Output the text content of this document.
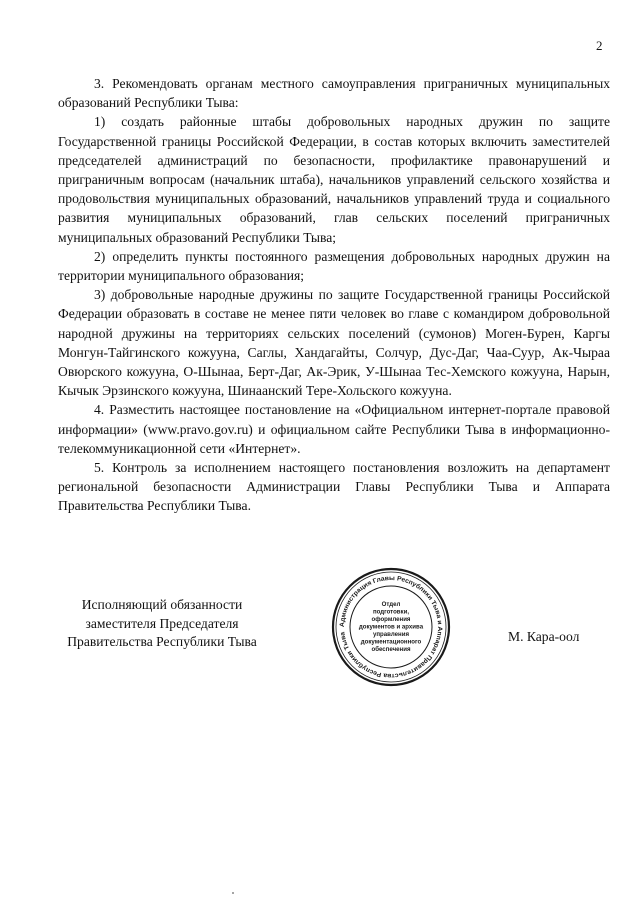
2

3. Рекомендовать органам местного самоуправления приграничных муниципальных образований Республики Тыва:

1) создать районные штабы добровольных народных дружин по защите Государственной границы Российской Федерации, в состав которых включить заместителей председателей администраций по безопасности, профилактике правонарушений и приграничным вопросам (начальник штаба), начальников управлений сельского хозяйства и продовольствия муниципальных образований, начальников управлений труда и социального развития муниципальных образований, глав сельских поселений приграничных муниципальных образований Республики Тыва;

2) определить пункты постоянного размещения добровольных народных дружин на территории муниципального образования;

3) добровольные народные дружины по защите Государственной границы Российской Федерации образовать в составе не менее пяти человек во главе с командиром добровольной народной дружины на территориях сельских поселений (сумонов) Моген-Бурен, Каргы Монгун-Тайгинского кожууна, Саглы, Хандагайты, Солчур, Дус-Даг, Чаа-Суур, Ак-Чыраа Овюрского кожууна, О-Шынаа, Берт-Даг, Ак-Эрик, У-Шынаа Тес-Хемского кожууна, Нарын, Кычык Эрзинского кожууна, Шинаанский Тере-Хольского кожууна.

4. Разместить настоящее постановление на «Официальном интернет-портале правовой информации» (www.pravo.gov.ru) и официальном сайте Республики Тыва в информационно-телекоммуникационной сети «Интернет».

5. Контроль за исполнением настоящего постановления возложить на департамент региональной безопасности Администрации Главы Республики Тыва и Аппарата Правительства Республики Тыва.

Исполняющий обязанности
заместителя Председателя
Правительства Республики Тыва
Администрация Главы Республики Тыва и Аппарат Правительства Республики Тыва
Отдел
подготовки,
оформления
документов и архива
управления
документационного
обеспечения
М. Кара-оол
